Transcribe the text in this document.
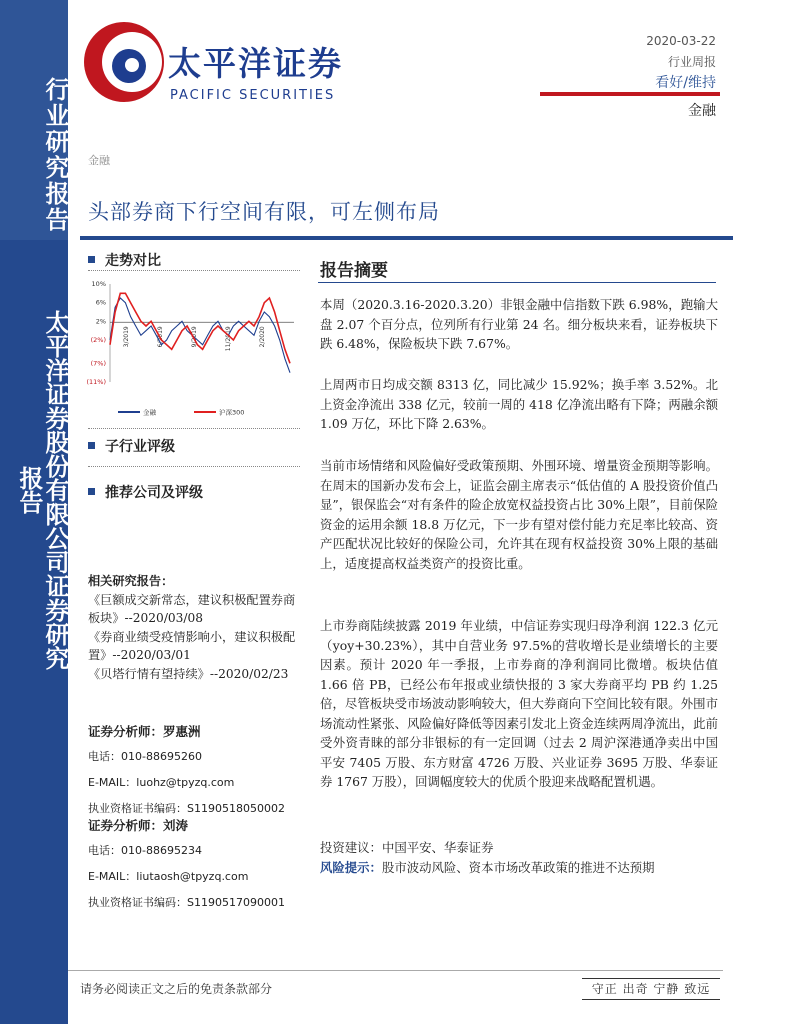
行业研究报告
太平洋证券股份有限公司证券研究报告
太平洋证券
PACIFIC SECURITIES
2020-03-22
行业周报
看好/维持
金融
金融
头部券商下行空间有限，可左侧布局
走势对比
10%
6%
2%
(2%)
(7%)
(11%)
3/2019	6/2019	9/2019	11/2019	2/2020
金融	沪深300
子行业评级
推荐公司及评级
报告摘要

本周（2020.3.16-2020.3.20）非银金融中信指数下跌 6.98%，跑输大盘 2.07 个百分点，位列所有行业第 24 名。细分板块来看，证券板块下跌 6.48%，保险板块下跌 7.67%。

上周两市日均成交额 8313 亿，同比减少 15.92%；换手率 3.52%。北上资金净流出 338 亿元，较前一周的 418 亿净流出略有下降；两融余额 1.09 万亿，环比下降 2.63%。

当前市场情绪和风险偏好受政策预期、外围环境、增量资金预期等影响。在周末的国新办发布会上，证监会副主席表示“低估值的 A 股投资价值凸显”，银保监会“对有条件的险企放宽权益投资占比 30%上限”，目前保险资金的运用余额 18.8 万亿元，下一步有望对偿付能力充足率比较高、资产匹配状况比较好的保险公司，允许其在现有权益投资 30%上限的基础上，适度提高权益类资产的投资比重。

上市券商陆续披露 2019 年业绩，中信证券实现归母净利润 122.3 亿元（yoy+30.23%），其中自营业务 97.5%的营收增长是业绩增长的主要因素。预计 2020 年一季报，上市券商的净利润同比微增。板块估值 1.66 倍 PB，已经公布年报或业绩快报的 3 家大券商平均 PB 约 1.25 倍，尽管板块受市场波动影响较大，但大券商向下空间比较有限。外围市场流动性紧张、风险偏好降低等因素引发北上资金连续两周净流出，此前受外资青睐的部分非银标的有一定回调（过去 2 周沪深港通净卖出中国平安 7405 万股、东方财富 4726 万股、兴业证券 3695 万股、华泰证券 1767 万股），回调幅度较大的优质个股迎来战略配置机遇。

投资建议：中国平安、华泰证券

风险提示：股市波动风险、资本市场改革政策的推进不达预期

相关研究报告：
《巨额成交新常态，建议积极配置券商板块》--2020/03/08
《券商业绩受疫情影响小，建议积极配置》--2020/03/01
《贝塔行情有望持续》--2020/02/23
证券分析师：罗惠洲
电话：010-88695260
E-MAIL：luohz@tpyzq.com
执业资格证书编码：S1190518050002
证券分析师：刘涛
电话：010-88695234
E-MAIL：liutaosh@tpyzq.com
执业资格证书编码：S1190517090001
请务必阅读正文之后的免责条款部分	守正 出奇 宁静 致远
